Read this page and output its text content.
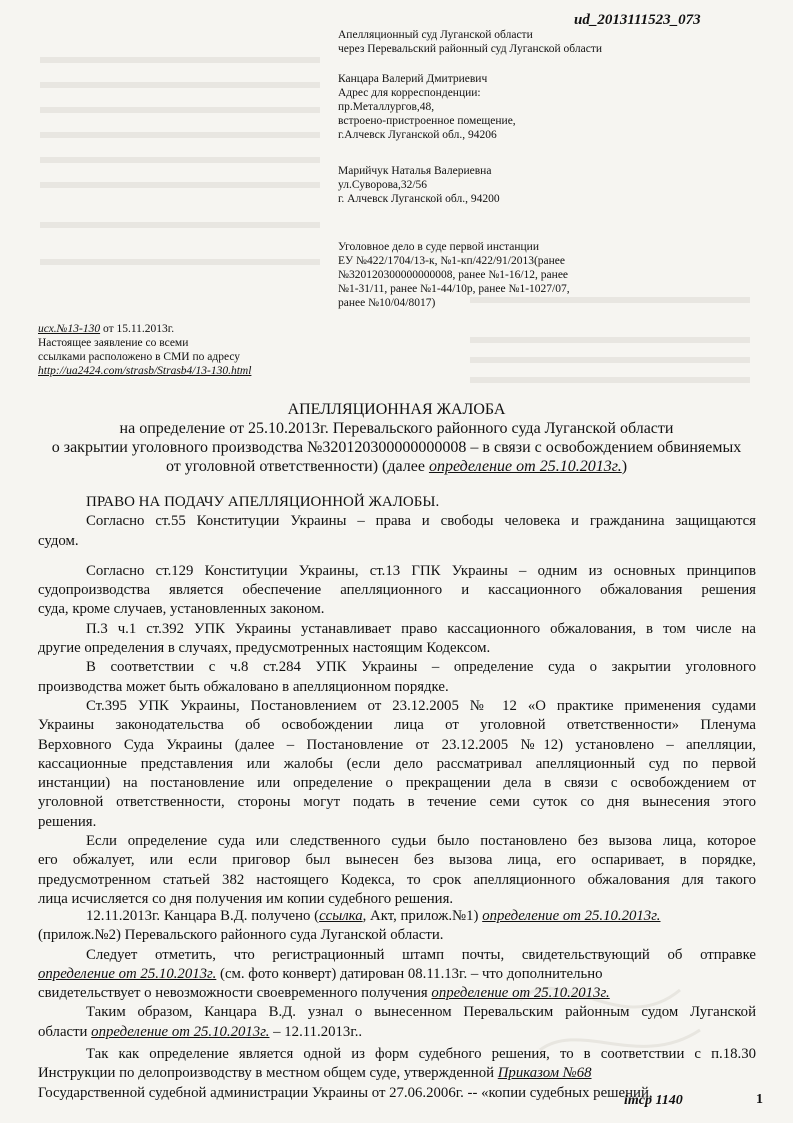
ud_2013111523_073
Апелляционный суд Луганской области
через Перевальский районный суд Луганской области
Канцара Валерий Дмитриевич
Адрес для корреспонденции:
пр.Металлургов,48,
встроено-пристроенное помещение,
г.Алчевск Луганской обл., 94206
Марийчук Наталья Валериевна
ул.Суворова,32/56
г. Алчевск Луганской обл., 94200
Уголовное дело в суде первой инстанции
ЕУ №422/1704/13-к, №1-кп/422/91/2013(ранее
№320120300000000008, ранее №1-16/12, ранее
№1-31/11, ранее №1-44/10р, ранее №1-1027/07,
ранее №10/04/8017)
исх.№13-130 от 15.11.2013г.
Настоящее заявление со всеми
ссылками расположено в СМИ по адресу
http://ua2424.com/strasb/Strasb4/13-130.html
АПЕЛЛЯЦИОННАЯ ЖАЛОБА
на определение от 25.10.2013г. Перевальского районного суда Луганской области
о закрытии уголовного производства №320120300000000008 – в связи с освобождением обвиняемых
от уголовной ответственности) (далее определение от 25.10.2013г.)
ПРАВО НА ПОДАЧУ АПЕЛЛЯЦИОННОЙ ЖАЛОБЫ.
Согласно ст.55 Конституции Украины – права и свободы человека и гражданина защищаются
судом.
Согласно ст.129 Конституции Украины, ст.13 ГПК Украины – одним из основных принципов
судопроизводства является обеспечение апелляционного и кассационного обжалования решения
суда, кроме случаев, установленных законом.
П.3 ч.1 ст.392 УПК Украины устанавливает право кассационного обжалования, в том числе на
другие определения в случаях, предусмотренных настоящим Кодексом.
В соответствии с ч.8 ст.284 УПК Украины – определение суда о закрытии уголовного
производства может быть обжаловано в апелляционном порядке.
Ст.395 УПК Украины, Постановлением от 23.12.2005 № 12 «О практике применения судами
Украины законодательства об освобождении лица от уголовной ответственности» Пленума
Верховного Суда Украины (далее – Постановление от 23.12.2005 №12) установлено – апелляции,
кассационные представления или жалобы (если дело рассматривал апелляционный суд по первой
инстанции) на постановление или определение о прекращении дела в связи с освобождением от
уголовной ответственности, стороны могут подать в течение семи суток со дня вынесения этого
решения.
Если определение суда или следственного судьи было постановлено без вызова лица, которое
его обжалует, или если приговор был вынесен без вызова лица, его оспаривает, в порядке,
предусмотренном статьей 382 настоящего Кодекса, то срок апелляционного обжалования для такого
лица исчисляется со дня получения им копии судебного решения.
12.11.2013г. Канцара В.Д. получено (ссылка, Акт, прилож.№1) определение от 25.10.2013г.
(прилож.№2) Перевальского районного суда Луганской области.
Следует отметить, что регистрационный штамп почты, свидетельствующий об отправке
определение от 25.10.2013г. (см. фото конверт) датирован 08.11.13г. – что дополнительно
свидетельствует о невозможности своевременного получения определение от 25.10.2013г.
Таким образом, Канцара В.Д. узнал о вынесенном Перевальским районным судом Луганской
области определение от 25.10.2013г. – 12.11.2013г..
Так как определение является одной из форм судебного решения, то в соответствии с п.18.30
Инструкции по делопроизводству в местном общем суде, утвержденной Приказом №68
Государственной судебной администрации Украины от 27.06.2006г. -- «копии судебных решений,
imcp 1140	1
